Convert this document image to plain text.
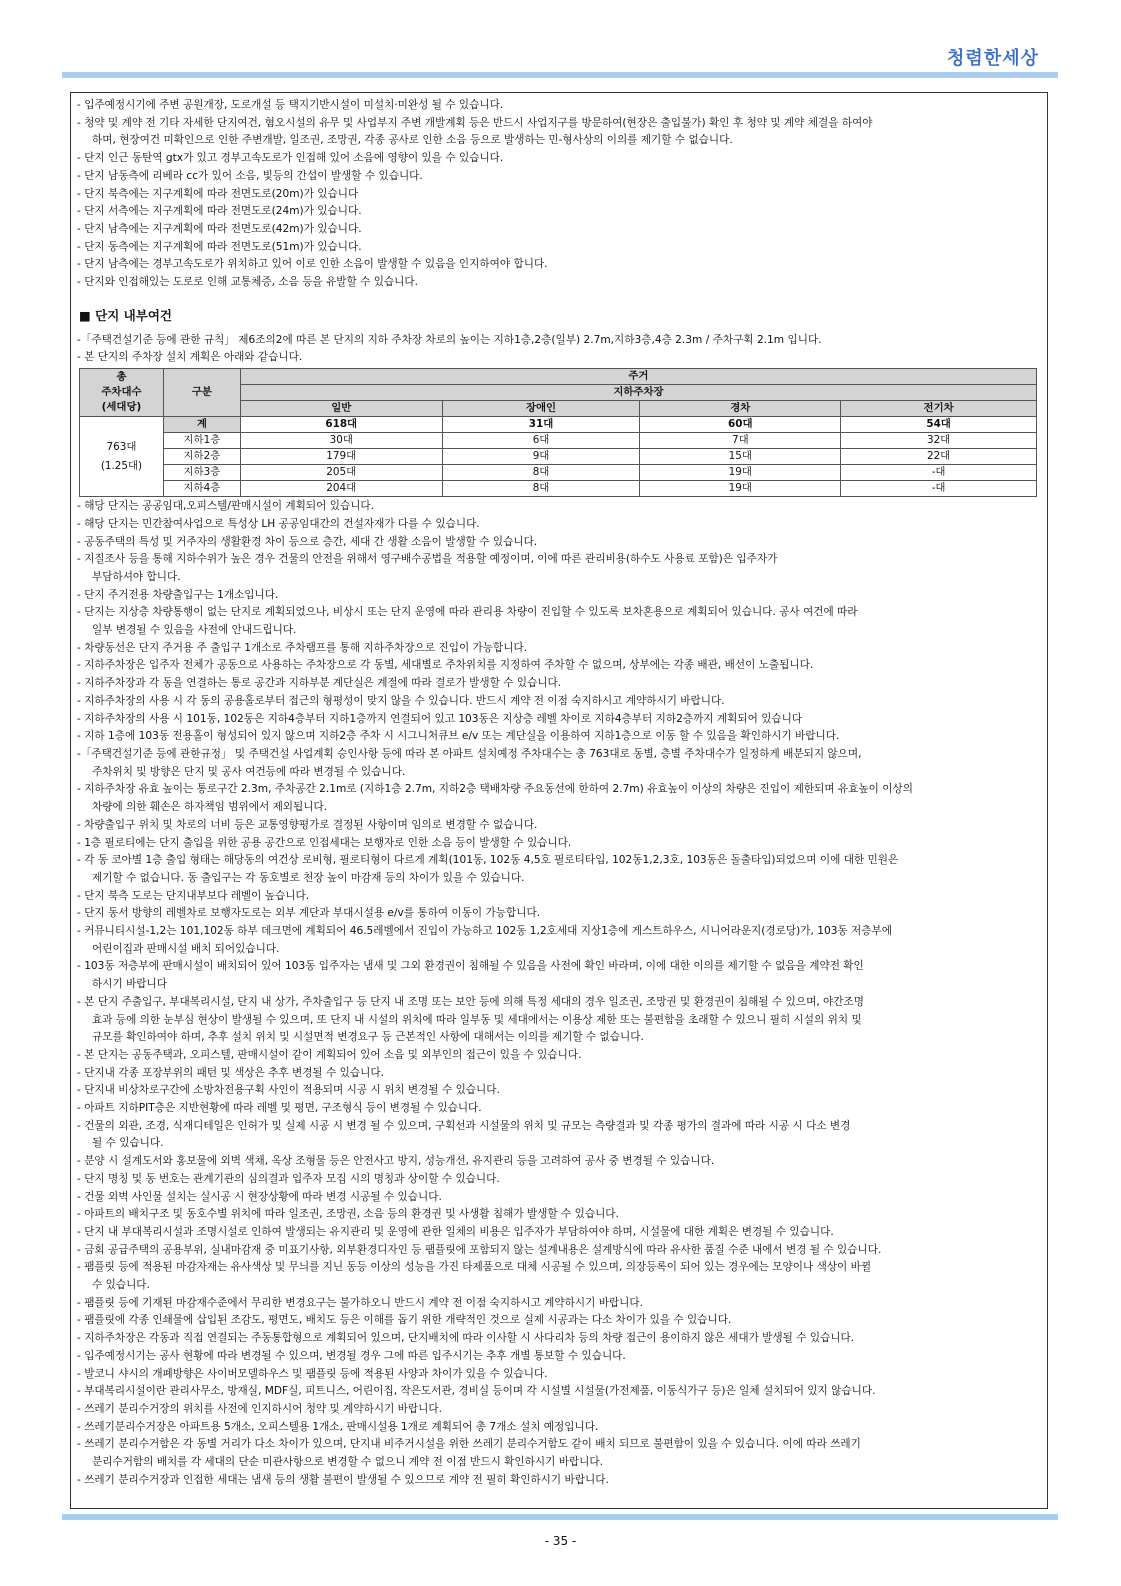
청렴한세상
- 입주예정시기에 주변 공원개장, 도로개설 등 택지기반시설이 미설치·미완성 될 수 있습니다.
- 청약 및 계약 전 기타 자세한 단지여건, 혐오시설의 유무 및 사업부지 주변 개발계획 등은 반드시 사업지구를 방문하여(현장은 출입불가) 확인 후 청약 및 계약 체결을 하여야
하며, 현장여건 미확인으로 인한 주변개발, 일조권, 조망권, 각종 공사로 인한 소음 등으로 발생하는 민-형사상의 이의를 제기할 수 없습니다.
- 단지 인근 동탄역 gtx가 있고 경부고속도로가 인접해 있어 소음에 영향이 있을 수 있습니다.
- 단지 남동측에 리베라 cc가 있어 소음, 빛등의 간섭이 발생할 수 있습니다.
- 단지 북측에는 지구계획에 따라 전면도로(20m)가 있습니다
- 단지 서측에는 지구계획에 따라 전면도로(24m)가 있습니다.
- 단지 남측에는 지구계획에 따라 전면도로(42m)가 있습니다.
- 단지 동측에는 지구계획에 따라 전면도로(51m)가 있습니다.
- 단지 남측에는 경부고속도로가 위치하고 있어 이로 인한 소음이 발생할 수 있음을 인지하여야 합니다.
- 단지와 인접해있는 도로로 인해 교통체증, 소음 등을 유발할 수 있습니다.
■ 단지 내부여건
-「주택건설기준 등에 관한 규칙」 제6조의2에 따른 본 단지의 지하 주차장 차로의 높이는 지하1층,2층(일부) 2.7m,지하3층,4층 2.3m / 주차구획 2.1m 입니다.
- 본 단지의 주차장 설치 계획은 아래와 같습니다.
총
주차대수
(세대당)	구분	주거			
		지하주차장			
		일반	장애인	경차	전기차
763대
(1.25대)	계	618대	31대	60대	54대
	지하1층	30대	6대	7대	32대
	지하2층	179대	9대	15대	22대
	지하3층	205대	8대	19대	-대
	지하4층	204대	8대	19대	-대
- 해당 단지는 공공임대,오피스텔/판매시설이 계획되어 있습니다.
- 해당 단지는 민간참여사업으로 특성상 LH 공공임대간의 건설자재가 다를 수 있습니다.
- 공동주택의 특성 및 거주자의 생활환경 차이 등으로 층간, 세대 간 생활 소음이 발생할 수 있습니다.
- 지질조사 등을 통해 지하수위가 높은 경우 건물의 안전을 위해서 영구배수공법을 적용할 예정이며, 이에 따른 관리비용(하수도 사용료 포함)은 입주자가
부담하셔야 합니다.
- 단지 주거전용 차량출입구는 1개소입니다.
- 단지는 지상층 차량통행이 없는 단지로 계획되었으나, 비상시 또는 단지 운영에 따라 관리용 차량이 진입할 수 있도록 보차혼용으로 계획되어 있습니다. 공사 여건에 따라
일부 변경될 수 있음을 사전에 안내드립니다.
- 차량동선은 단지 주거용 주 출입구 1개소로 주차램프를 통해 지하주차장으로 진입이 가능합니다.
- 지하주차장은 입주자 전체가 공동으로 사용하는 주차장으로 각 동별, 세대별로 주차위치를 지정하여 주차할 수 없으며, 상부에는 각종 배관, 배선이 노출됩니다.
- 지하주차장과 각 동을 연결하는 통로 공간과 지하부분 계단실은 계절에 따라 결로가 발생할 수 있습니다.
- 지하주차장의 사용 시 각 동의 공용홀로부터 접근의 형평성이 맞지 않을 수 있습니다. 반드시 계약 전 이점 숙지하시고 계약하시기 바랍니다.
- 지하주차장의 사용 시 101동, 102동은 지하4층부터 지하1층까지 연결되어 있고 103동은 지상층 레벨 차이로 지하4층부터 지하2층까지 계획되어 있습니다
- 지하 1층에 103동 전용홀이 형성되어 있지 않으며 지하2층 주차 시 시그니처큐브 e/v 또는 계단실을 이용하여 지하1층으로 이동 할 수 있음을 확인하시기 바랍니다.
-「주택건설기준 등에 관한규정」 및 주택건설 사업계획 승인사항 등에 따라 본 아파트 설치예정 주차대수는 총 763대로 동별, 층별 주차대수가 일정하게 배분되지 않으며,
주차위치 및 방향은 단지 및 공사 여건등에 따라 변경될 수 있습니다.
- 지하주차장 유효 높이는 통로구간 2.3m, 주차공간 2.1m로 (지하1층 2.7m, 지하2층 택배차량 주요동선에 한하여 2.7m) 유효높이 이상의 차량은 진입이 제한되며 유효높이 이상의
차량에 의한 훼손은 하자책임 범위에서 제외됩니다.
- 차량출입구 위치 및 차로의 너비 등은 교통영향평가로 결정된 사항이며 임의로 변경할 수 없습니다.
- 1층 필로티에는 단지 출입을 위한 공용 공간으로 인접세대는 보행자로 인한 소음 등이 발생할 수 있습니다.
- 각 동 코아별 1층 출입 형태는 해당동의 여건상 로비형, 필로티형이 다르게 계획(101동, 102동 4,5호 필로티타입, 102동1,2,3호, 103동은 돌출타입)되었으며 이에 대한 민원은
제기할 수 없습니다. 동 출입구는 각 동호별로 천장 높이 마감재 등의 차이가 있을 수 있습니다.
- 단지 북측 도로는 단지내부보다 레벨이 높습니다.
- 단지 동서 방향의 레벨차로 보행자도로는 외부 계단과 부대시설용 e/v를 통하여 이동이 가능합니다.
- 커뮤니티시설-1,2는 101,102동 하부 데크면에 계획되어 46.5레벨에서 진입이 가능하고 102동 1,2호세대 지상1층에 게스트하우스, 시니어라운지(경로당)가, 103동 저층부에
어린이집과 판매시설 배치 되어있습니다.
- 103동 저층부에 판매시설이 배치되어 있어 103동 입주자는 냄새 및 그외 환경권이 침해될 수 있음을 사전에 확인 바라며, 이에 대한 이의를 제기할 수 없음을 계약전 확인
하시기 바랍니다
- 본 단지 주출입구, 부대복리시설, 단지 내 상가, 주차출입구 등 단지 내 조명 또는 보안 등에 의해 특정 세대의 경우 일조권, 조망권 및 환경권이 침해될 수 있으며, 야간조명
효과 등에 의한 눈부심 현상이 발생될 수 있으며, 또 단지 내 시설의 위치에 따라 일부동 및 세대에서는 이용상 제한 또는 불편함을 초래할 수 있으니 필히 시설의 위치 및
규모를 확인하여야 하며, 추후 설치 위치 및 시설면적 변경요구 등 근본적인 사항에 대해서는 이의를 제기할 수 없습니다.
- 본 단지는 공동주택과, 오피스텔, 판매시설이 같이 계획되어 있어 소음 및 외부인의 접근이 있을 수 있습니다.
- 단지내 각종 포장부위의 패턴 및 색상은 추후 변경될 수 있습니다.
- 단지내 비상차로구간에 소방차전용구획 사인이 적용되며 시공 시 위치 변경될 수 있습니다.
- 아파트 지하PIT층은 지반현황에 따라 레벨 및 평면, 구조형식 등이 변경될 수 있습니다.
- 건물의 외관, 조경, 식재디테일은 인허가 및 실제 시공 시 변경 될 수 있으며, 구획선과 시설물의 위치 및 규모는 측량결과 및 각종 평가의 결과에 따라 시공 시 다소 변경
될 수 있습니다.
- 분양 시 설계도서와 홍보물에 외벽 색채, 옥상 조형물 등은 안전사고 방지, 성능개선, 유지관리 등을 고려하여 공사 중 변경될 수 있습니다.
- 단지 명칭 및 동 번호는 관계기관의 심의결과 입주자 모집 시의 명칭과 상이할 수 있습니다.
- 건물 외벽 사인물 설치는 실시공 시 현장상황에 따라 변경 시공될 수 있습니다.
- 아파트의 배치구조 및 동호수별 위치에 따라 일조권, 조망권, 소음 등의 환경권 및 사생활 침해가 발생할 수 있습니다.
- 단지 내 부대복리시설과 조명시설로 인하여 발생되는 유지관리 및 운영에 관한 일체의 비용은 입주자가 부담하여야 하며, 시설물에 대한 계획은 변경될 수 있습니다.
- 금회 공급주택의 공용부위, 실내마감재 중 미표기사항, 외부환경디자인 등 팸플릿에 포함되지 않는 설계내용은 설계방식에 따라 유사한 품질 수준 내에서 변경 될 수 있습니다.
- 팸플릿 등에 적용된 마감자재는 유사색상 및 무늬를 지닌 동등 이상의 성능을 가진 타제품으로 대체 시공될 수 있으며, 의장등록이 되어 있는 경우에는 모양이나 색상이 바뀔
수 있습니다.
- 팸플릿 등에 기재된 마감재수준에서 무리한 변경요구는 불가하오니 반드시 계약 전 이점 숙지하시고 계약하시기 바랍니다.
- 팸플릿에 각종 인쇄물에 삽입된 조감도, 평면도, 배치도 등은 이해를 돕기 위한 개략적인 것으로 실제 시공과는 다소 차이가 있을 수 있습니다.
- 지하주차장은 각동과 직접 연결되는 주동통합형으로 계획되어 있으며, 단지배치에 따라 이사할 시 사다리차 등의 차량 접근이 용이하지 않은 세대가 발생될 수 있습니다.
- 입주예정시기는 공사 현황에 따라 변경될 수 있으며, 변경될 경우 그에 따른 입주시기는 추후 개별 통보할 수 있습니다.
- 발코니 샤시의 개폐방향은 사이버모델하우스 및 팸플릿 등에 적용된 사양과 차이가 있을 수 있습니다.
- 부대복리시설이란 관리사무소, 방재실, MDF실, 피트니스, 어린이집, 작은도서관, 경비실 등이며 각 시설별 시설물(가전제품, 이동식가구 등)은 일체 설치되어 있지 않습니다.
- 쓰레기 분리수거장의 위치를 사전에 인지하시어 청약 및 계약하시기 바랍니다.
- 쓰레기분리수거장은 아파트용 5개소, 오피스텔용 1개소, 판매시설용 1개로 계획되어 총 7개소 설치 예정입니다.
- 쓰레기 분리수거함은 각 동별 거리가 다소 차이가 있으며, 단지내 비주거시설을 위한 쓰레기 분리수거함도 같이 배치 되므로 불편함이 있을 수 있습니다. 이에 따라 쓰레기
분리수거함의 배치를 각 세대의 단순 미관사항으로 변경할 수 없으니 계약 전 이점 반드시 확인하시기 바랍니다.
- 쓰레기 분리수거장과 인접한 세대는 냄새 등의 생활 불편이 발생될 수 있으므로 계약 전 필히 확인하시기 바랍니다.
- 35 -
